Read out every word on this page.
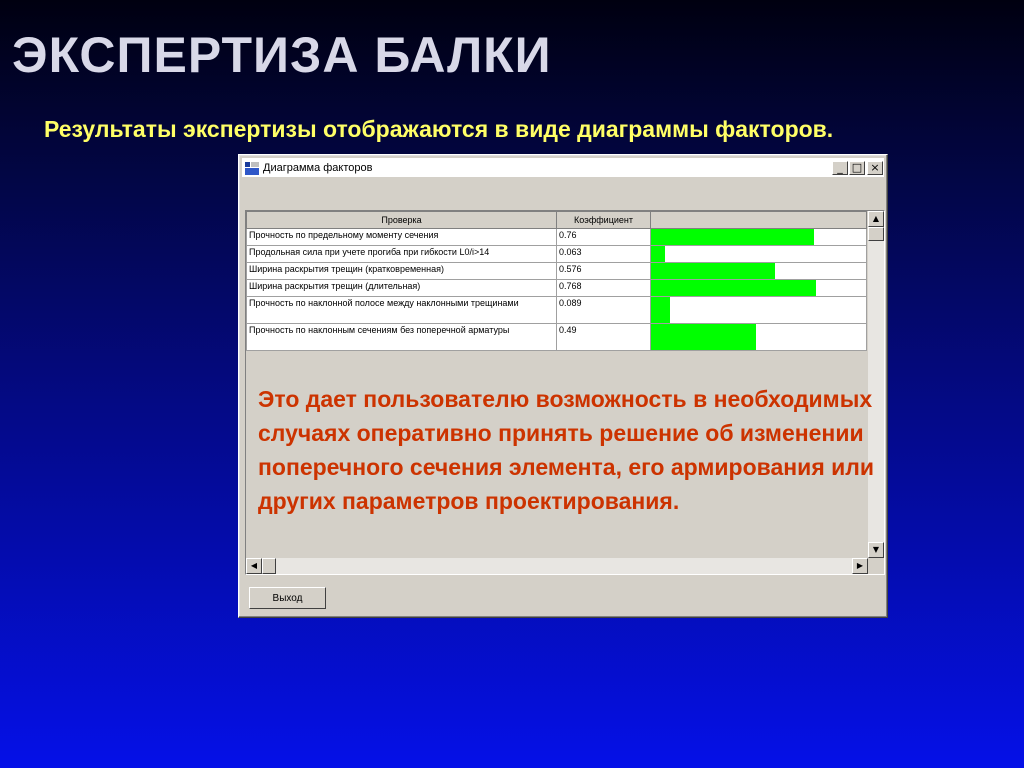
ЭКСПЕРТИЗА БАЛКИ
Результаты экспертизы отображаются в виде диаграммы факторов.
Диаграмма факторов	_ □ ×
Проверка	Коэффициент	
Прочность по предельному моменту сечения	0.76	

Продольная сила при учете прогиба при гибкости L0/i>14	0.063	

Ширина раскрытия трещин (кратковременная)	0.576	

Ширина раскрытия трещин (длительная)	0.768	

Прочность по наклонной полосе между наклонными трещинами	0.089	

Прочность по наклонным сечениям без поперечной арматуры	0.49	
▲
▼
◀	▶
Выход
Это дает пользователю возможность в необходимых случаях оперативно принять решение об изменении поперечного сечения элемента, его армирования или других параметров проектирования.
